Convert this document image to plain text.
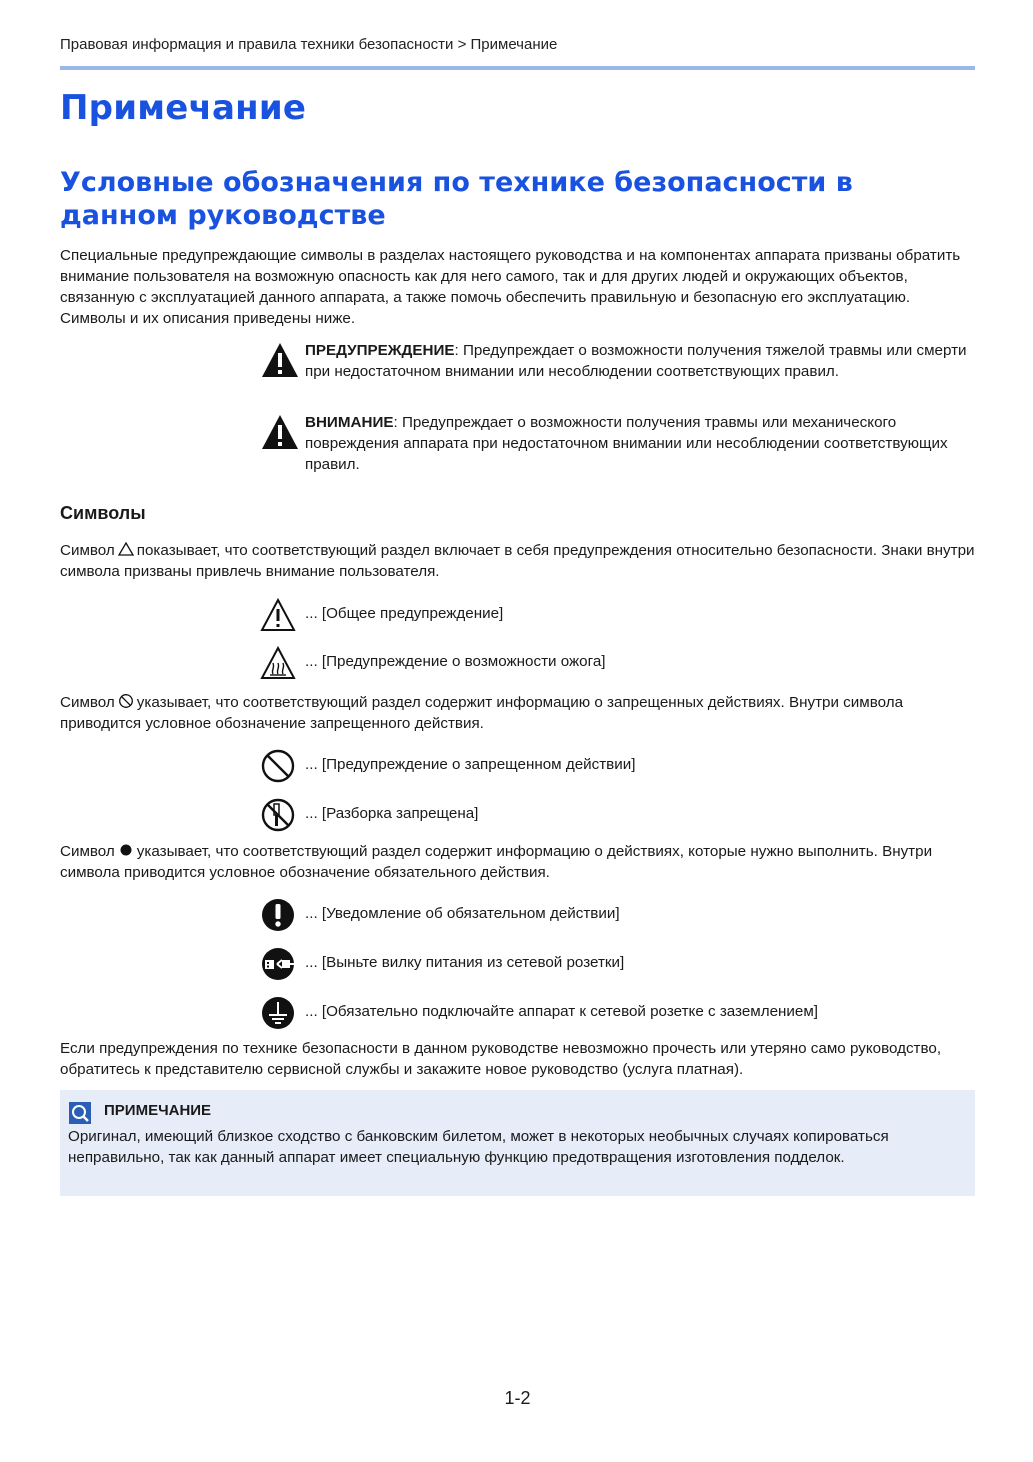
Правовая информация и правила техники безопасности > Примечание
Примечание
Условные обозначения по технике безопасности в данном руководстве

Специальные предупреждающие символы в разделах настоящего руководства и на компонентах аппарата призваны обратить внимание пользователя на возможную опасность как для него самого, так и для других людей и окружающих объектов, связанную с эксплуатацией данного аппарата, а также помочь обеспечить правильную и безопасную его эксплуатацию. Символы и их описания приведены ниже.

ПРЕДУПРЕЖДЕНИЕ: Предупреждает о возможности получения тяжелой травмы или смерти при недостаточном внимании или несоблюдении соответствующих правил.
ВНИМАНИЕ: Предупреждает о возможности получения травмы или механического повреждения аппарата при недостаточном внимании или несоблюдении соответствующих правил.
Символы

Символ показывает, что соответствующий раздел включает в себя предупреждения относительно безопасности. Знаки внутри символа призваны привлечь внимание пользователя.

... [Общее предупреждение]
... [Предупреждение о возможности ожога]

Символ указывает, что соответствующий раздел содержит информацию о запрещенных действиях. Внутри символа приводится условное обозначение запрещенного действия.

... [Предупреждение о запрещенном действии]
... [Разборка запрещена]

Символ указывает, что соответствующий раздел содержит информацию о действиях, которые нужно выполнить. Внутри символа приводится условное обозначение обязательного действия.

... [Уведомление об обязательном действии]
... [Выньте вилку питания из сетевой розетки]
... [Обязательно подключайте аппарат к сетевой розетке с заземлением]

Если предупреждения по технике безопасности в данном руководстве невозможно прочесть или утеряно само руководство, обратитесь к представителю сервисной службы и закажите новое руководство (услуга платная).

ПРИМЕЧАНИЕ
Оригинал, имеющий близкое сходство с банковским билетом, может в некоторых необычных случаях копироваться неправильно, так как данный аппарат имеет специальную функцию предотвращения изготовления подделок.
1-2
